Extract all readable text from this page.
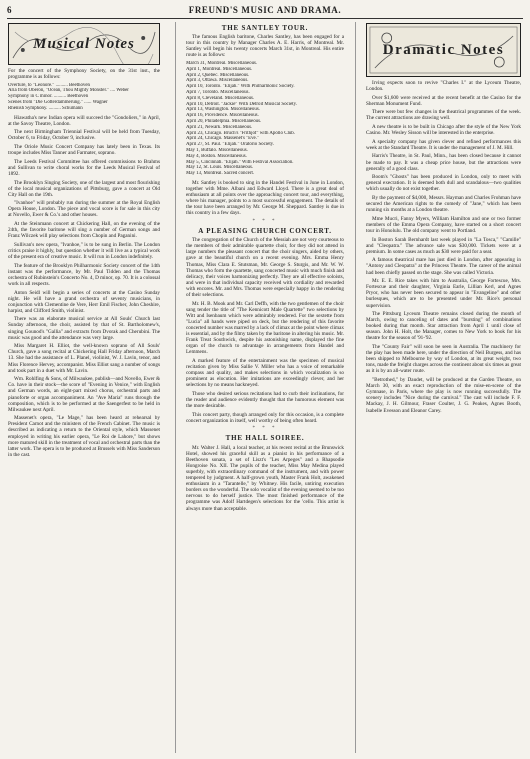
6	FREUND'S MUSIC AND DRAMA.
Musical Notes

For the concert of the Symphony Society, on the 31st inst., the programme is as follows:

Overture, to "Leonore." .......... Beethoven
Aria from Oberon, "Ocean, Thou Mighty Monster." .... Weber
Symphony in C minor. .......... Beethoven
Scenes from "Die Gotterdammerung." ...... Wagner
Rhenish Symphony. .......... Schumann

Hiawatha's new Indian opera will succeed the "Gondoliers," in April, at the Savoy Theatre, London.

The next Birmingham Triennial Festival will be held from Tuesday, October 6, to Friday, October 9, inclusive.

The Oriole Music Concert Company has lately been in Texas. Its troupe includes Miss Tanner and Farmater, soprano.

The Leeds Festival Committee has offered commissions to Brahms and Sullivan to write choral works for the Leeds Musical Festival of 1892.

The Brooklyn Singing Society, one of the largest and most flourishing of the local musical organizations of Pittsburg, gave a concert at Old City Hall on the 19th.

"Ivanhoe" will probably run during the summer at the Royal English Opera House, London. The piece and vocal score is for sale in this city at Novello, Ewer & Co.'s and other houses.

At the Steinmann concert at Chickering Hall, on the evening of the 24th, the favorite baritone will sing a number of German songs and Franz Wilczek will play selections from Chopin and Paganini.

Sullivan's new opera, "Ivanhoe," is to be sung in Berlin. The London critics praise it highly, but question whether it will live as a typical work of the present era of creative music. It will run in London indefinitely.

The feature of the Brooklyn Philharmonic Society concert of the 14th instant was the performance, by Mr. Paul Tidden and the Thomas orchestra of Rubinstein's Concerto No. 4, D minor, op. 70. It is a colossal work in all respects.

Anton Seidl will begin a series of concerts at the Casino Sunday night. He will have a grand orchestra of seventy musicians, in conjunction with Clementine de Vere, Herr Emil Fischer, John Cheshire, harpist, and Clifford Smith, violinist.

There was an elaborate musical service at All Souls' Church last Sunday afternoon, the choir, assisted by that of St. Bartholomew's, singing Gounod's "Gallia" and extracts from Dvorak and Cherubini. The music was good and the attendance was very large.

Miss Margaret H. Elliot, the well-known soprano of All Souls' Church, gave a song recital at Chickering Hall Friday afternoon, March 13. She had the assistance of L. Planel, violinist, W. J. Lavin, tenor, and Miss Florence Hervey, accompanist. Miss Elliot sang a number of songs and took part in a duet with Mr. Lavin.

Wm. Rohlfing & Sons, of Milwaukee, publish—and Novello, Ewer & Co. have in their stock—the score of "Evening in Venice," with English and German words, an eight-part mixed chorus, orchestral parts and pianoforte or organ accompaniment. An "Ave Maria" runs through the composition, which is to be performed at the Saengerfest to be held in Milwaukee next April.

Massenet's opera, "Le Mage," has been heard at rehearsal by President Carnot and the ministers of the French Cabinet. The music is described as indicating a return to the Oriental style, which Massenet employed in writing his earlier opera, "Le Roi de Lahore," but shows more matured skill in the treatment of vocal and orchestral parts than the latter work. The opera is to be produced at Brussels with Miss Sanderson in the cast.

THE SANTLEY TOUR.

The famous English baritone, Charles Santley, has been engaged for a tour in this country by Manager Charles A. E. Harris, of Montreal. Mr. Santley will begin his twenty concerts March 31st, in Montreal. His entire route is as follows:

March 31, Montreal. Miscellaneous.
April 1, Montreal. Miscellaneous.
April 2, Quebec. Miscellaneous.
April 3, Ottawa. Miscellaneous.
April 10, Toronto. "Elijah." With Philharmonic Society.
April 7, Toronto. Miscellaneous.
April 8, Cleveland. Miscellaneous.
April 10, Detroit. "Jackie" With Detroit Musical Society.
April 13, Washington. Miscellaneous.
April 16, Providence. Miscellaneous.
April 20, Philadelphia. Miscellaneous.
April 21, Newark. Miscellaneous.
April 23, Chicago. Bruch's "Frithjof" with Apollo Club.
April 24, Chicago. Massenet's "Eve."
April 27, St. Paul. "Elijah." Oratorio Society.
May 1, Buffalo. Miscellaneous.
May 4, Boston. Miscellaneous.
May 5, Cincinnati. "Elijah." With Festival Association.
May 12, St. Louis. Miscellaneous.
May 13, Montreal. Sacred concert.

Mr. Santley is booked to sing in the Handel Festival in June in London, together with Mme. Albani and Edward Lloyd. There is a great deal of enthusiasm at all points over the approaching concert tour, and everything, where his manager, points to a most successful engagement. The details of the tour have been arranged by Mr. George M. Sheppard. Santley is due in this country in a few days.

* * *
A PLEASING CHURCH CONCERT.

The congregation of the Church of the Messiah are not very courteous to the members of their admirable quartette choir, for they did not attend in large numbers the pleasant concert that the choir singers, aided by others, gave at the beautiful church on a recent evening. Mrs. Emma Henry Thomas, Miss Clara E. Stutsman, Mr. George S. Sturgis, and Mr. W. W. Thomas who form the quartette, sang concerted music with much finish and delicacy, their voices harmonizing perfectly. They are all effective soloists, and were in that individual capacity received with cordiality and rewarded with encores. Mr. and Mrs. Thomas were especially happy in the rendering of their selections.

Mr. H. B. Mook and Mr. Carl Deffh, with the two gentlemen of the choir sang tender the title of "The Kennicott Male Quartette" two selections by Witt and Isenbaum which were admirably rendered. For the sextette from "Lucia" all hands were piped on deck, but the rendering of this favorite concerted number was marred by a lack of climax at the point where climax is essential, and by the filmy taken by the baritone in altering his music. Mr. Frank Treat Southwick, despite his astonishing name, displayed the fine organ of the church to advantage in arrangements from Handel and Lemmens.

A marked feature of the entertainment was the specimen of musical recitation given by Miss Sallie V. Miller who has a voice of remarkable compass and quality, and makes selections in which vocalization is so prominent as elocution. Her imitations are exceedingly clever, and her selections by no means hackneyed.

Those who desired serious recitations had to curb their inclinations, for the reader and audience evidently thought that the humorous element was the more desirable.

This concert party, though arranged only for this occasion, is a complete concert organization in itself, well worthy of being often heard.

* * *
THE HALL SOIREE.

Mr. Walter J. Hall, a local teacher, at his recent recital at the Brunswick Hotel, showed his graceful skill as a pianist in his performance of a Beethoven sonata, a set of Liszt's "Les Arpeges" and a Rhapsodie Hongroise No. XII. The pupils of the teacher, Miss May Medina played superbly, with extraordinary command of the instrument, and with power tempered by judgment. A half-grown youth, Master Frank Holt, awakened enthusiasm in a "Tarantelle," by Whitney. His facile, untiring execution borders on the wonderful. The solo vocalist of the evening seemed to be too nervous to do herself justice. The most finished performance of the programme was Adolf Hartdegen's selections for the 'cello. This artist is always more than acceptable.

Dramatic Notes

Irving expects soon to revive "Charles I." at the Lyceum Theatre, London.

Over $1,600 were received at the recent benefit at the Casino for the Sherman Monument Fund.

There were but few changes in the theatrical programmes of the week. The current attractions are drawing well.

A new theatre is to be built in Chicago after the style of the New York Casino. Mr. Wesley Sisson will be interested in the enterprise.

A specialty company has given clever and refined performances this week at the Standard Theatre. It is under the management of J. M. Hill.

Harris's Theatre, in St. Paul, Minn., has been closed because it cannot be made to pay. It was a cheap price house, but the attractions were generally of a good class.

Boom's "Ghosts" has been produced in London, only to meet with general execration. It is deemed both dull and scandalous—two qualities which usually do not exist together.

By the payment of $4,000, Messrs. Hayman and Charles Frohman have secured the American rights to the comedy of "Jane," which has been running six months at a London theatre.

Mme Mucri, Fanny Myers, William Hamilton and one or two former members of the Emma Opera Company, have started on a short concert tour in Honolulu. The old company went to Portland.

In Boston Sarah Bernhardt last week played in "La Tosca," "Camille" and "Cleopatra." The advance sale was $30,000. Tickets were at a premium. In some cases as much as $30 were paid for a seat.

A famous theatrical mare has just died in London, after appearing in "Antony and Cleopatra" at the Princess Theatre. The career of the animal had been chiefly passed on the stage. She was called Victoria.

Mr. E. E. Rice takes with him to Australia, George Fortescue, Mrs. Fortescue and their daughter, Virginia Earle, Lillian Kerl, and Agnes Pryor, who has never been secured to appear in "Evangeline" and other burlesques, which are to be presented under Mr. Rice's personal supervision.

The Pittsburg Lyceum Theatre remains closed during the month of March, owing to canceling of dates and "bursting" of combinations booked during that month. Star attraction from April 1 until close of season. John H. Holt, the Manager, comes to New York to book for his theatre for the season of '91-'92.

The "County Fair" will soon be seen in Australia. The machinery for the play has been made here, under the direction of Neil Burgess, and has been shipped to Melbourne by way of London, at its great weight, two tons, made the freight charges across the continent about six times as great as it is by an all-water route.

"Betrothed," by Daudet, will be produced at the Garden Theatre, on March 30, with an exact reproduction of the mise-en-scene of the Gymnase, in Paris, where the play is now running successfully. The scenery includes "Nice during the carnival." The cast will include F. F. Mackay, J. H. Gilmour, Fraser Coulter, J. G. Peakes, Agnes Booth, Isabelle Evesson and Eleanor Carey.
